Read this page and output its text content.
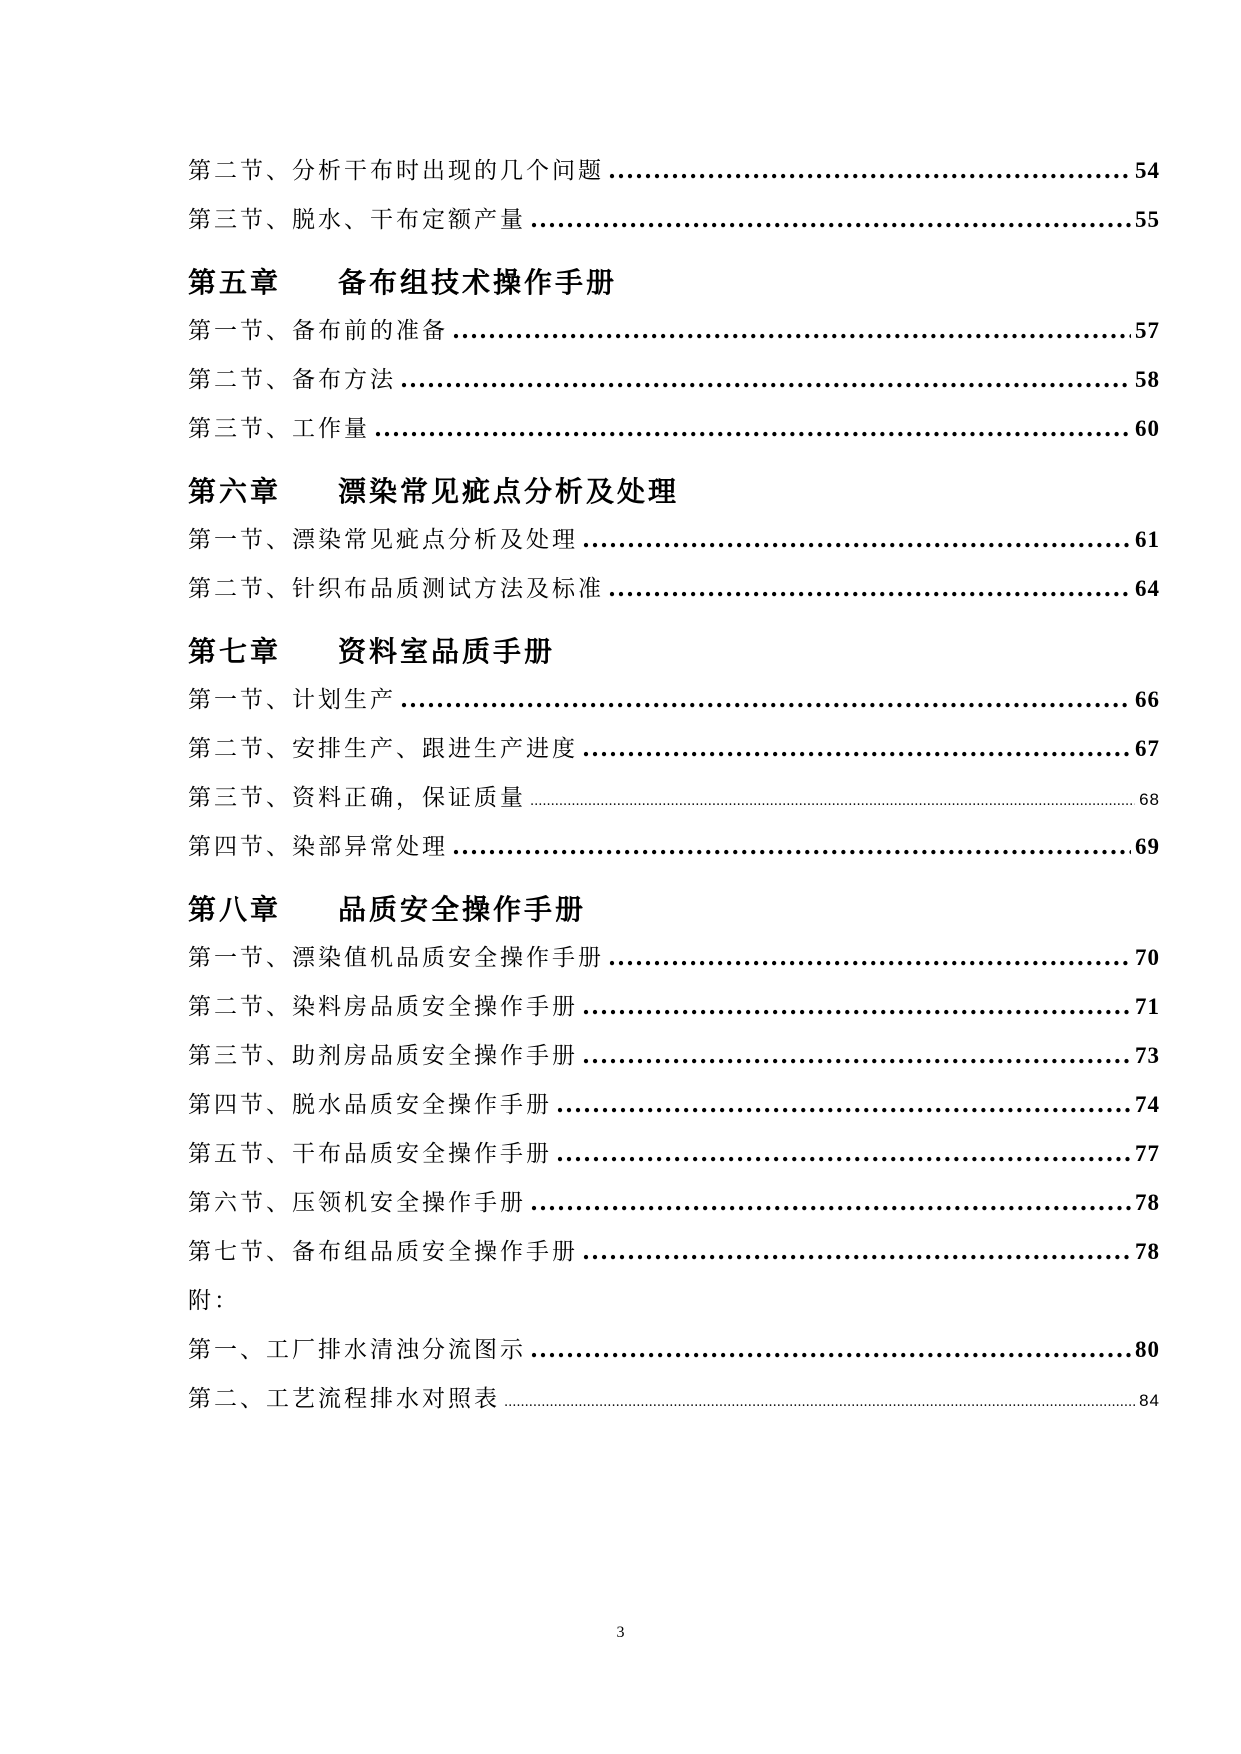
第二节、分析干布时出现的几个问题 .....	54
第三节、脱水、干布定额产量 .....	55
第五章	备布组技术操作手册
第一节、备布前的准备 .....	57
第二节、备布方法 .....	58
第三节、工作量 .....	60
第六章	漂染常见疵点分析及处理
第一节、漂染常见疵点分析及处理 .....	61
第二节、针织布品质测试方法及标准 .....	64
第七章	资料室品质手册
第一节、计划生产 .....	66
第二节、安排生产、跟进生产进度 .....	67
第三节、资料正确，保证质量 .....	68
第四节、染部异常处理 .....	69
第八章	品质安全操作手册
第一节、漂染值机品质安全操作手册 .....	70
第二节、染料房品质安全操作手册 .....	71
第三节、助剂房品质安全操作手册 .....	73
第四节、脱水品质安全操作手册 .....	74
第五节、干布品质安全操作手册 .....	77
第六节、压领机安全操作手册 .....	78
第七节、备布组品质安全操作手册 .....	78
附：
第一、工厂排水清浊分流图示 .....	80
第二、工艺流程排水对照表 .....	84
3
